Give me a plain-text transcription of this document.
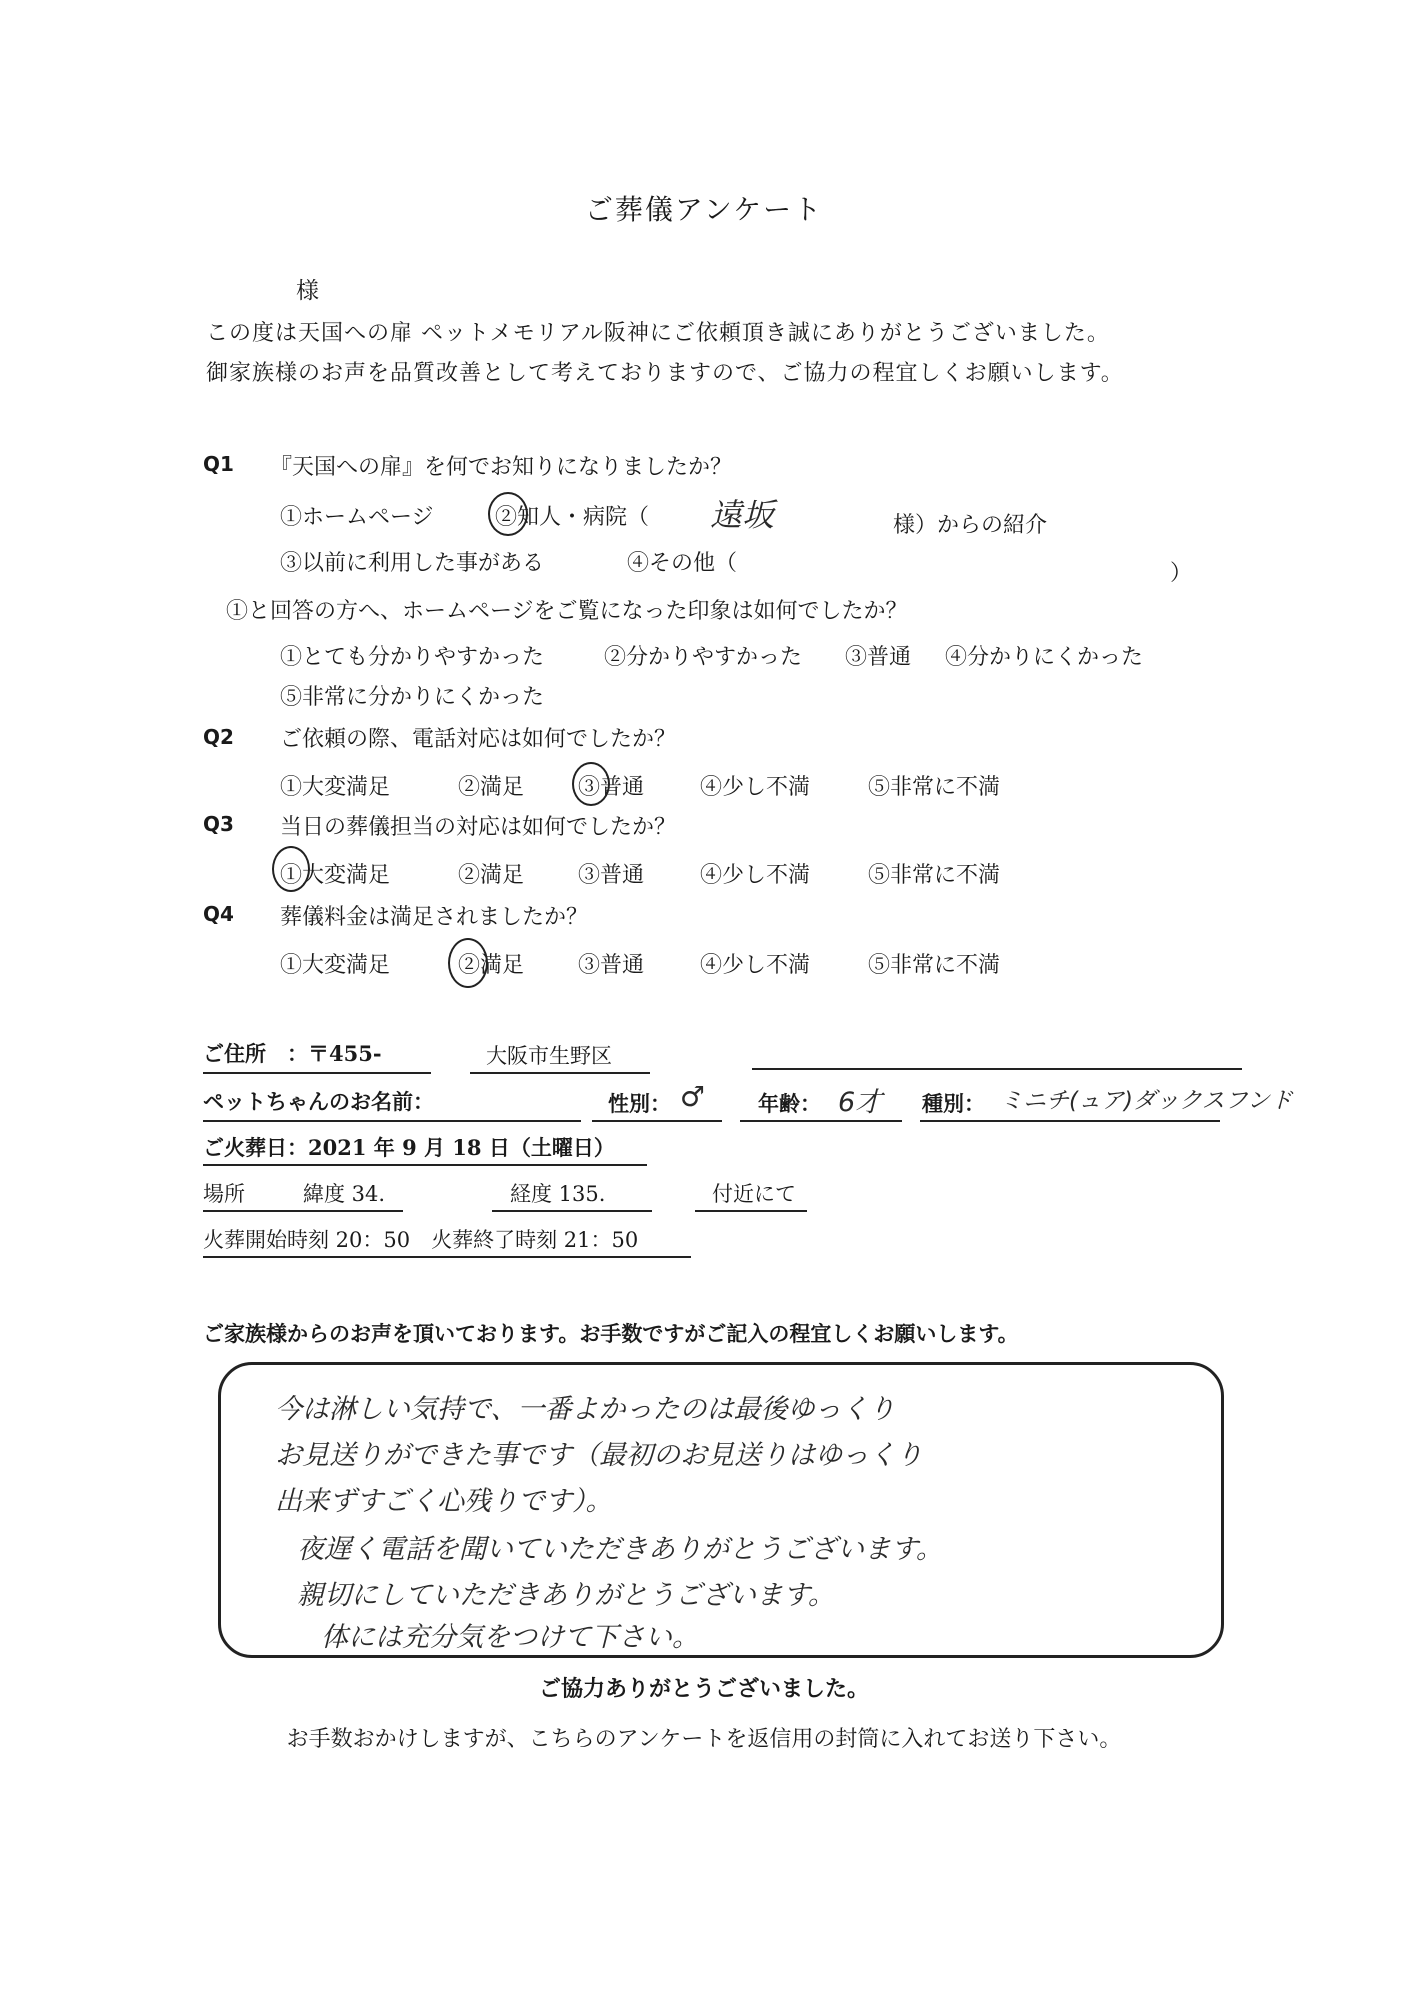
ご葬儀アンケート
様
この度は天国への扉 ペットメモリアル阪神にご依頼頂き誠にありがとうございました。
御家族様のお声を品質改善として考えておりますので、ご協力の程宜しくお願いします。
Q1 『天国への扉』を何でお知りになりましたか？
①ホームページ	②知人・病院（ 遠坂	様）からの紹介
③以前に利用した事がある	④その他（	）
①と回答の方へ、ホームページをご覧になった印象は如何でしたか？
①とても分かりやすかった	②分かりやすかった ③普通 ④分かりにくかった
⑤非常に分かりにくかった
Q2 ご依頼の際、電話対応は如何でしたか？
①大変満足	②満足 ③普通	④少し不満	⑤非常に不満
Q3 当日の葬儀担当の対応は如何でしたか？
①大変満足	②満足 ③普通	④少し不満	⑤非常に不満
Q4 葬儀料金は満足されましたか？
①大変満足	②満足 ③普通	④少し不満	⑤非常に不満
ご住所　：〒455-	大阪市生野区
ペットちゃんのお名前：	性別： ♂	年齢： 6才 種別： ミニチ(ュア)ダックスフンド
ご火葬日：2021 年 9 月 18 日（土曜日）
場所	緯度 34.	経度 135.	付近にて
火葬開始時刻 20：50　火葬終了時刻 21：50
ご家族様からのお声を頂いております。お手数ですがご記入の程宜しくお願いします。
今は淋しい気持で、一番よかったのは最後ゆっくり
お見送りができた事です（最初のお見送りはゆっくり
出来ずすごく心残りです）。
夜遅く電話を聞いていただきありがとうございます。
親切にしていただきありがとうございます。
体には充分気をつけて下さい。
ご協力ありがとうございました。
お手数おかけしますが、こちらのアンケートを返信用の封筒に入れてお送り下さい。
